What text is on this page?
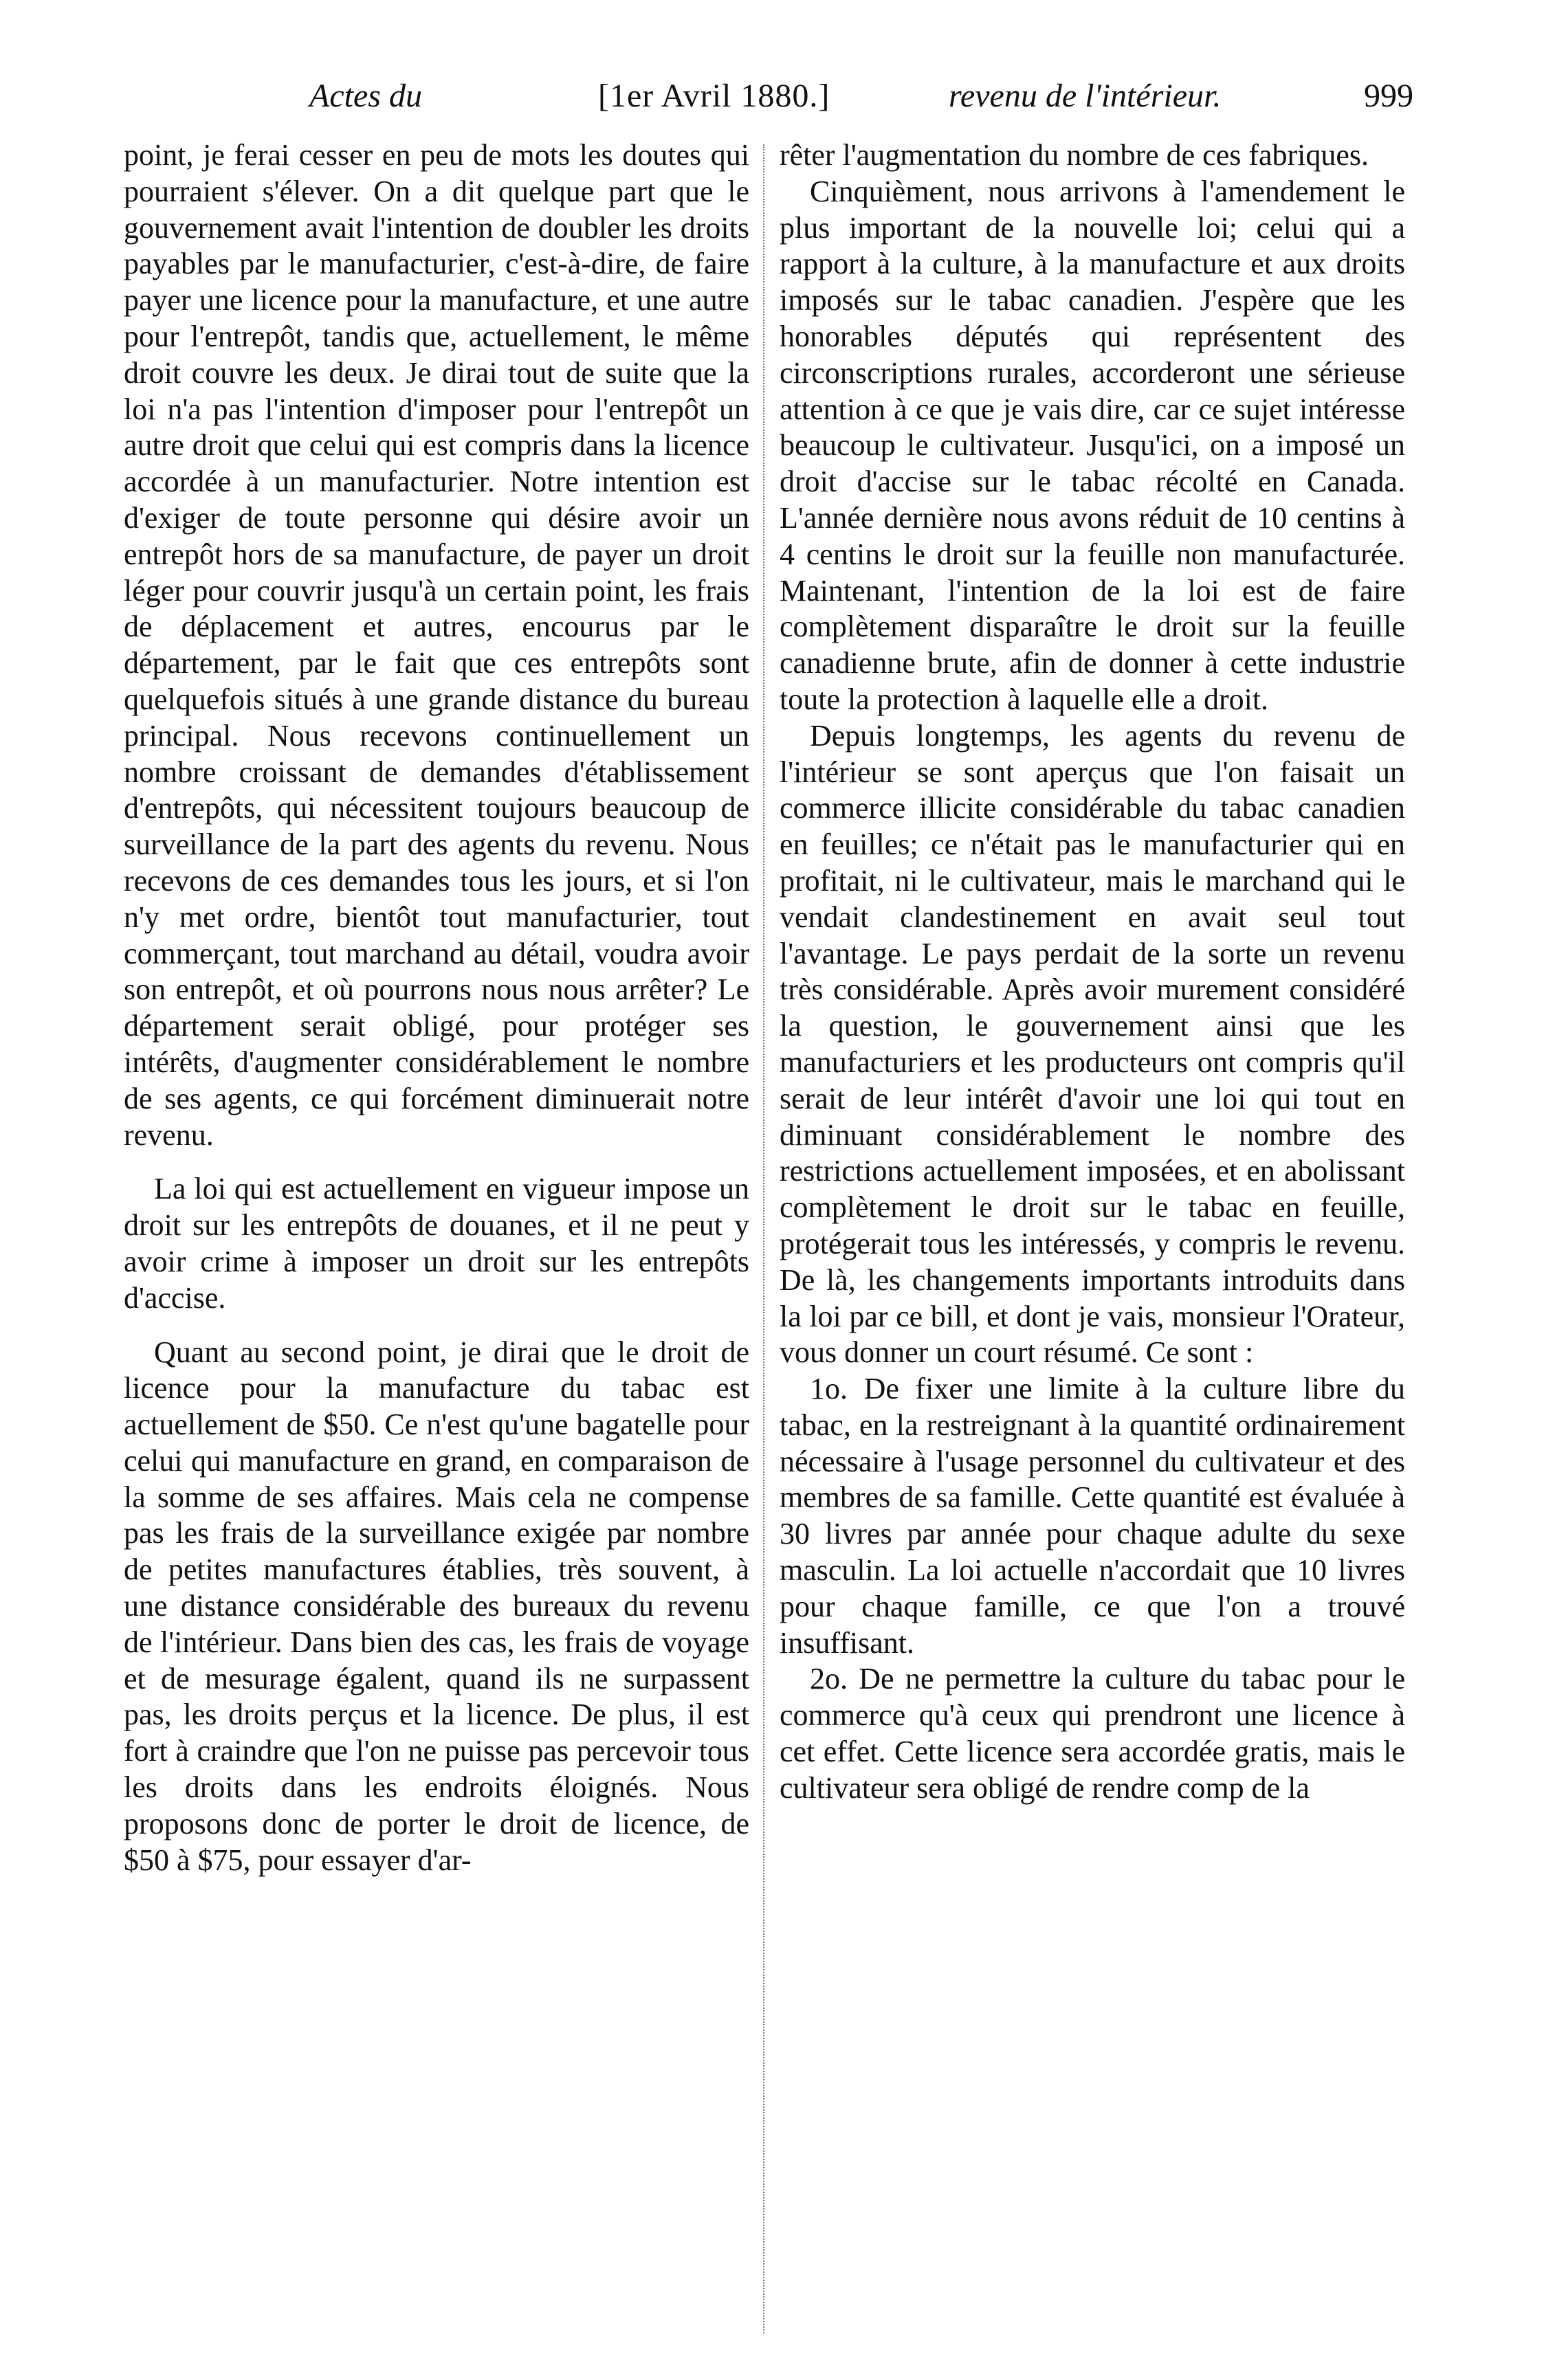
Actes du	[1er Avril 1880.]	revenu de l'intérieur.	999

point, je ferai cesser en peu de mots les doutes qui pourraient s'élever. On a dit quelque part que le gouvernement avait l'intention de doubler les droits payables par le manufacturier, c'est-à-dire, de faire payer une licence pour la manufacture, et une autre pour l'entrepôt, tandis que, actuellement, le même droit couvre les deux. Je dirai tout de suite que la loi n'a pas l'intention d'imposer pour l'entrepôt un autre droit que celui qui est compris dans la licence accordée à un manufacturier. Notre intention est d'exiger de toute personne qui désire avoir un entrepôt hors de sa manufacture, de payer un droit léger pour couvrir jusqu'à un certain point, les frais de déplacement et autres, encourus par le département, par le fait que ces entrepôts sont quelquefois situés à une grande distance du bureau principal. Nous recevons continuellement un nombre croissant de demandes d'établissement d'entrepôts, qui nécessitent toujours beaucoup de surveillance de la part des agents du revenu. Nous recevons de ces demandes tous les jours, et si l'on n'y met ordre, bientôt tout manufacturier, tout commerçant, tout marchand au détail, voudra avoir son entrepôt, et où pourrons nous nous arrêter? Le département serait obligé, pour protéger ses intérêts, d'augmenter considérablement le nombre de ses agents, ce qui forcément diminuerait notre revenu.

La loi qui est actuellement en vigueur impose un droit sur les entrepôts de douanes, et il ne peut y avoir crime à imposer un droit sur les entrepôts d'accise.

Quant au second point, je dirai que le droit de licence pour la manufacture du tabac est actuellement de $50. Ce n'est qu'une bagatelle pour celui qui manufacture en grand, en comparaison de la somme de ses affaires. Mais cela ne compense pas les frais de la surveillance exigée par nombre de petites manufactures établies, très souvent, à une distance considérable des bureaux du revenu de l'intérieur. Dans bien des cas, les frais de voyage et de mesurage égalent, quand ils ne surpassent pas, les droits perçus et la licence. De plus, il est fort à craindre que l'on ne puisse pas percevoir tous les droits dans les endroits éloignés. Nous proposons donc de porter le droit de licence, de $50 à $75, pour essayer d'ar-

rêter l'augmentation du nombre de ces fabriques.

Cinquièment, nous arrivons à l'amendement le plus important de la nouvelle loi; celui qui a rapport à la culture, à la manufacture et aux droits imposés sur le tabac canadien. J'espère que les honorables députés qui représentent des circonscriptions rurales, accorderont une sérieuse attention à ce que je vais dire, car ce sujet intéresse beaucoup le cultivateur. Jusqu'ici, on a imposé un droit d'accise sur le tabac récolté en Canada. L'année dernière nous avons réduit de 10 centins à 4 centins le droit sur la feuille non manufacturée. Maintenant, l'intention de la loi est de faire complètement disparaître le droit sur la feuille canadienne brute, afin de donner à cette industrie toute la protection à laquelle elle a droit.

Depuis longtemps, les agents du revenu de l'intérieur se sont aperçus que l'on faisait un commerce illicite considérable du tabac canadien en feuilles; ce n'était pas le manufacturier qui en profitait, ni le cultivateur, mais le marchand qui le vendait clandestinement en avait seul tout l'avantage. Le pays perdait de la sorte un revenu très considérable. Après avoir murement considéré la question, le gouvernement ainsi que les manufacturiers et les producteurs ont compris qu'il serait de leur intérêt d'avoir une loi qui tout en diminuant considérablement le nombre des restrictions actuellement imposées, et en abolissant complètement le droit sur le tabac en feuille, protégerait tous les intéressés, y compris le revenu. De là, les changements importants introduits dans la loi par ce bill, et dont je vais, monsieur l'Orateur, vous donner un court résumé. Ce sont :

1o. De fixer une limite à la culture libre du tabac, en la restreignant à la quantité ordinairement nécessaire à l'usage personnel du cultivateur et des membres de sa famille. Cette quantité est évaluée à 30 livres par année pour chaque adulte du sexe masculin. La loi actuelle n'accordait que 10 livres pour chaque famille, ce que l'on a trouvé insuffisant.

2o. De ne permettre la culture du tabac pour le commerce qu'à ceux qui prendront une licence à cet effet. Cette licence sera accordée gratis, mais le cultivateur sera obligé de rendre comp de la
